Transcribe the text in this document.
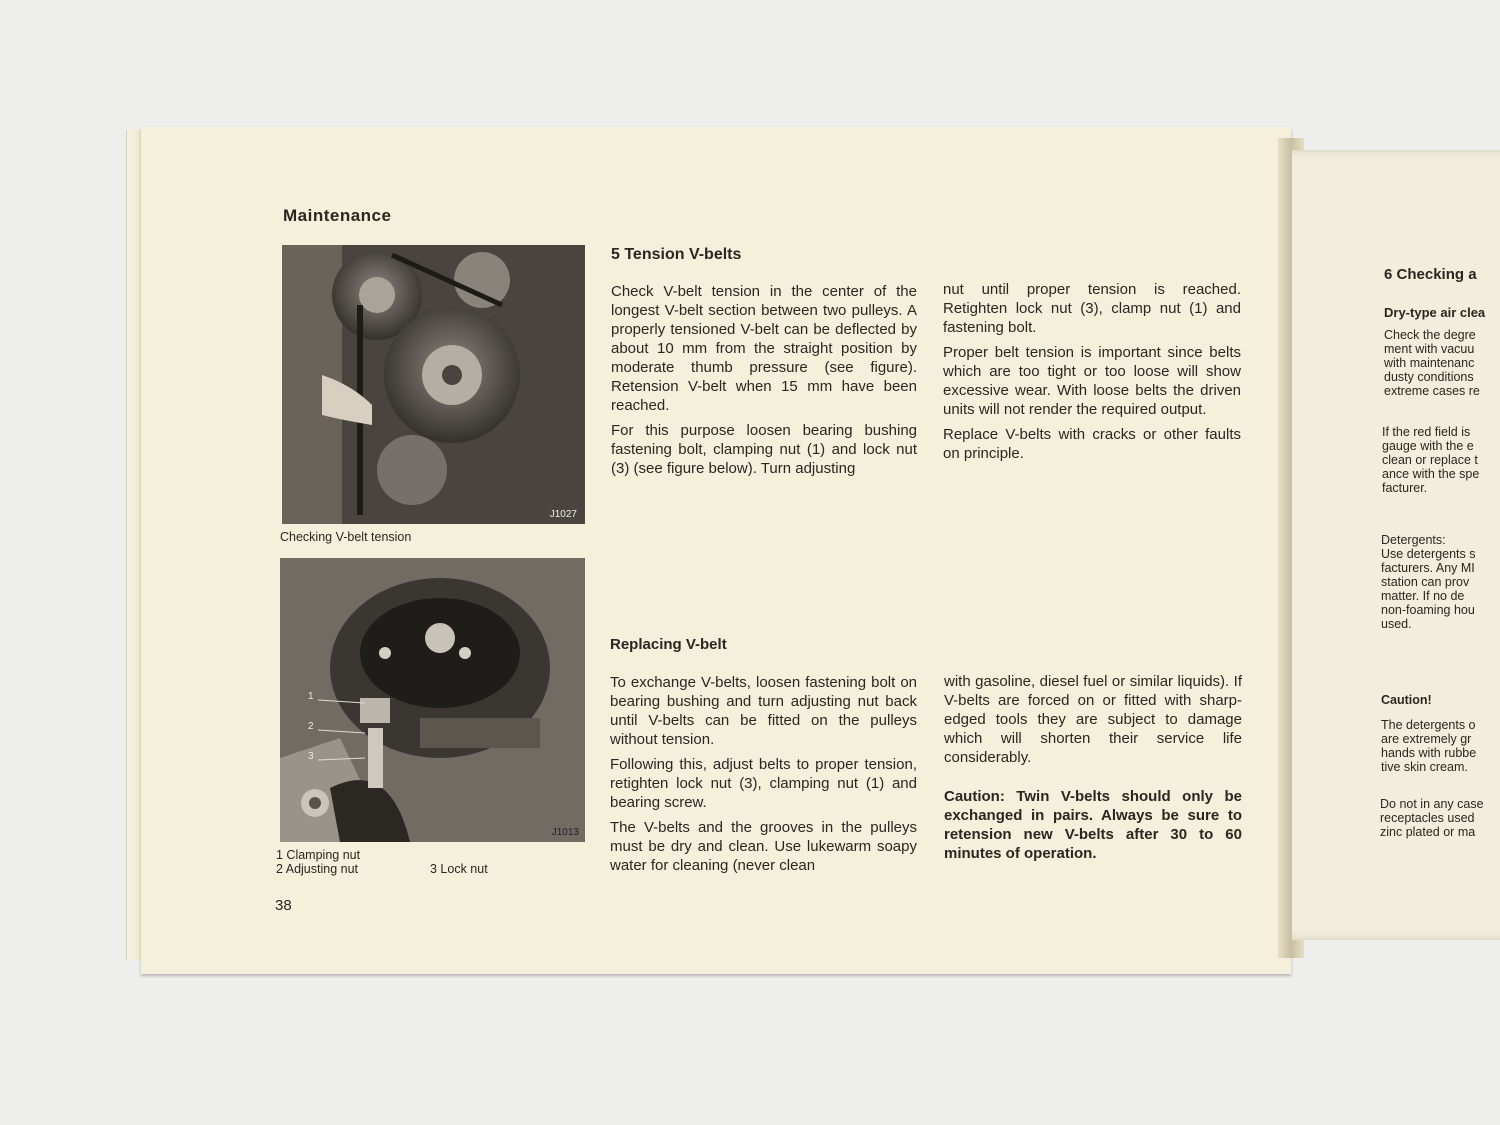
Maintenance
J1027
Checking V-belt tension
1
2
3
J1013
1 Clamping nut
2 Adjusting nut	3 Lock nut
38
5 Tension V-belts

Check V-belt tension in the center of the longest V-belt section between two pulleys. A properly tensioned V-belt can be deflected by about 10 mm from the straight position by moderate thumb pressure (see figure). Retension V-belt when 15 mm have been reached.

For this purpose loosen bearing bushing fastening bolt, clamping nut (1) and lock nut (3) (see figure below). Turn adjusting

nut until proper tension is reached. Retighten lock nut (3), clamp nut (1) and fastening bolt.

Proper belt tension is important since belts which are too tight or too loose will show excessive wear. With loose belts the driven units will not render the required output.

Replace V-belts with cracks or other faults on principle.

Replacing V-belt

To exchange V-belts, loosen fastening bolt on bearing bushing and turn adjusting nut back until V-belts can be fitted on the pulleys without tension.

Following this, adjust belts to proper tension, retighten lock nut (3), clamping nut (1) and bearing screw.

The V-belts and the grooves in the pulleys must be dry and clean. Use lukewarm soapy water for cleaning (never clean

with gasoline, diesel fuel or similar liquids). If V-belts are forced on or fitted with sharp-edged tools they are subject to damage which will shorten their service life considerably.

Caution: Twin V-belts should only be exchanged in pairs. Always be sure to retension new V-belts after 30 to 60 minutes of operation.

6 Checking a
Dry-type air clea
Check the degre
ment with vacuu
with maintenanc
dusty conditions
extreme cases re
If the red field is
gauge with the e
clean or replace t
ance with the spe
facturer.
Detergents:
Use detergents s
facturers. Any MI
station can prov
matter. If no de
non-foaming hou
used.
Caution!
The detergents o
are extremely gr
hands with rubbe
tive skin cream.
Do not in any case
receptacles used
zinc plated or ma
